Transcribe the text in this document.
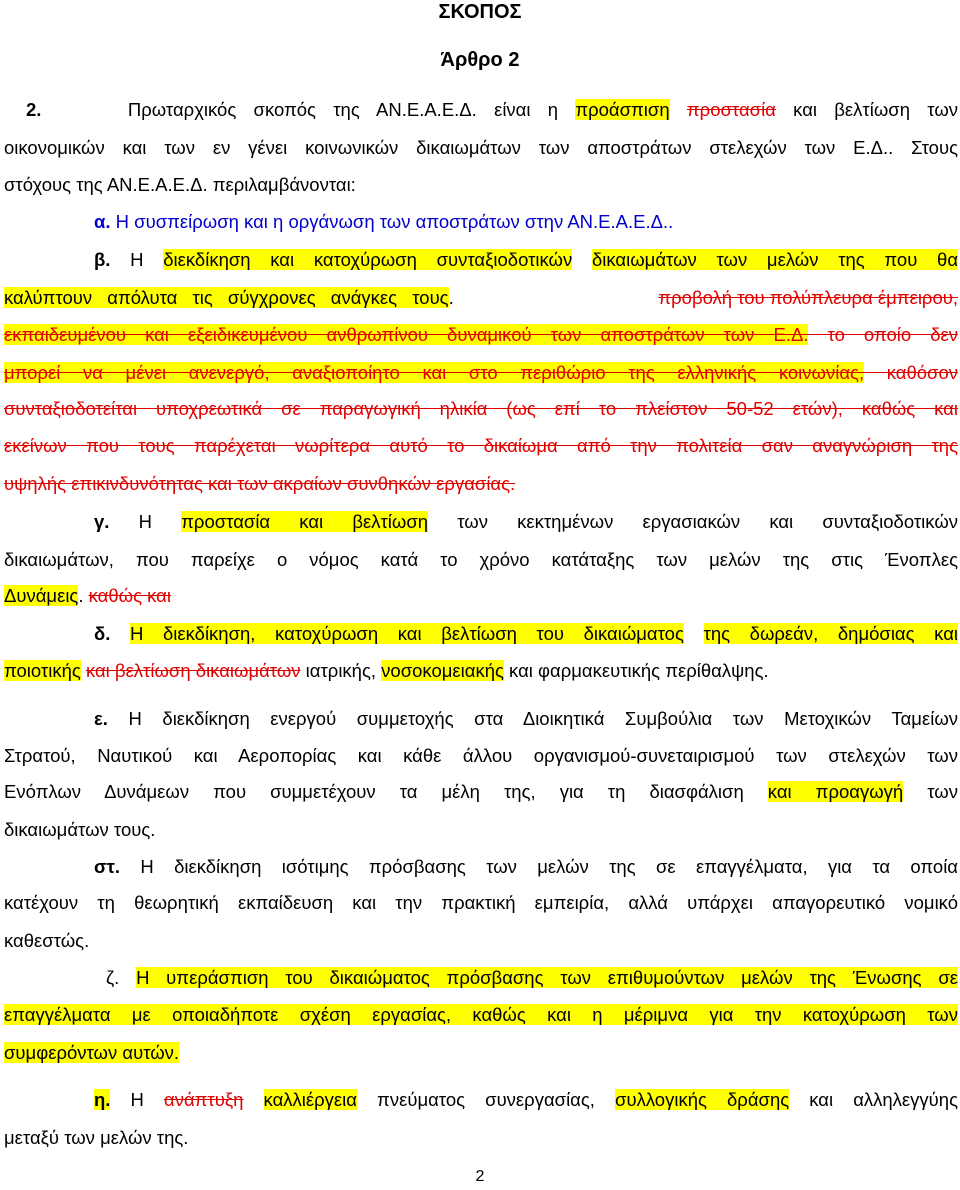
ΣΚΟΠΟΣ
Άρθρο 2
2.	Πρωταρχικός σκοπός της ΑΝ.Ε.Α.Ε.Δ. είναι η προάσπιση προστασία και βελτίωση των
οικονομικών και των εν γένει κοινωνικών δικαιωμάτων των αποστράτων στελεχών των Ε.Δ.. Στους
στόχους της ΑΝ.Ε.Α.Ε.Δ. περιλαμβάνονται:
α. Η συσπείρωση και η οργάνωση των αποστράτων στην ΑΝ.Ε.Α.Ε.Δ..
β. Η διεκδίκηση και κατοχύρωση συνταξιοδοτικών δικαιωμάτων των μελών της που θα
καλύπτουν απόλυτα τις σύγχρονες ανάγκες τους.	προβολή του πολύπλευρα έμπειρου,
εκπαιδευμένου και εξειδικευμένου ανθρωπίνου δυναμικού των αποστράτων των Ε.Δ. το οποίο δεν
μπορεί να μένει ανενεργό, αναξιοποίητο και στο περιθώριο της ελληνικής κοινωνίας, καθόσον
συνταξιοδοτείται υποχρεωτικά σε παραγωγική ηλικία (ως επί το πλείστον 50-52 ετών), καθώς και
εκείνων που τους παρέχεται νωρίτερα αυτό το δικαίωμα από την πολιτεία σαν αναγνώριση της
υψηλής επικινδυνότητας και των ακραίων συνθηκών εργασίας.
γ. Η προστασία και βελτίωση των κεκτημένων εργασιακών και συνταξιοδοτικών
δικαιωμάτων, που παρείχε ο νόμος κατά το χρόνο κατάταξης των μελών της στις Ένοπλες
Δυνάμεις. καθώς και
δ. Η διεκδίκηση, κατοχύρωση και βελτίωση του δικαιώματος της δωρεάν, δημόσιας και
ποιοτικής και βελτίωση δικαιωμάτων ιατρικής, νοσοκομειακής και φαρμακευτικής περίθαλψης.
ε. Η διεκδίκηση ενεργού συμμετοχής στα Διοικητικά Συμβούλια των Μετοχικών Ταμείων
Στρατού, Ναυτικού και Αεροπορίας και κάθε άλλου οργανισμού-συνεταιρισμού των στελεχών των
Ενόπλων Δυνάμεων που συμμετέχουν τα μέλη της, για τη διασφάλιση και προαγωγή των
δικαιωμάτων τους.
στ. Η διεκδίκηση ισότιμης πρόσβασης των μελών της σε επαγγέλματα, για τα οποία
κατέχουν τη θεωρητική εκπαίδευση και την πρακτική εμπειρία, αλλά υπάρχει απαγορευτικό νομικό
καθεστώς.
ζ. Η υπεράσπιση του δικαιώματος πρόσβασης των επιθυμούντων μελών της Ένωσης σε
επαγγέλματα με οποιαδήποτε σχέση εργασίας, καθώς και η μέριμνα για την κατοχύρωση των
συμφερόντων αυτών.
η. Η ανάπτυξη καλλιέργεια πνεύματος συνεργασίας, συλλογικής δράσης και αλληλεγγύης
μεταξύ των μελών της.
2
